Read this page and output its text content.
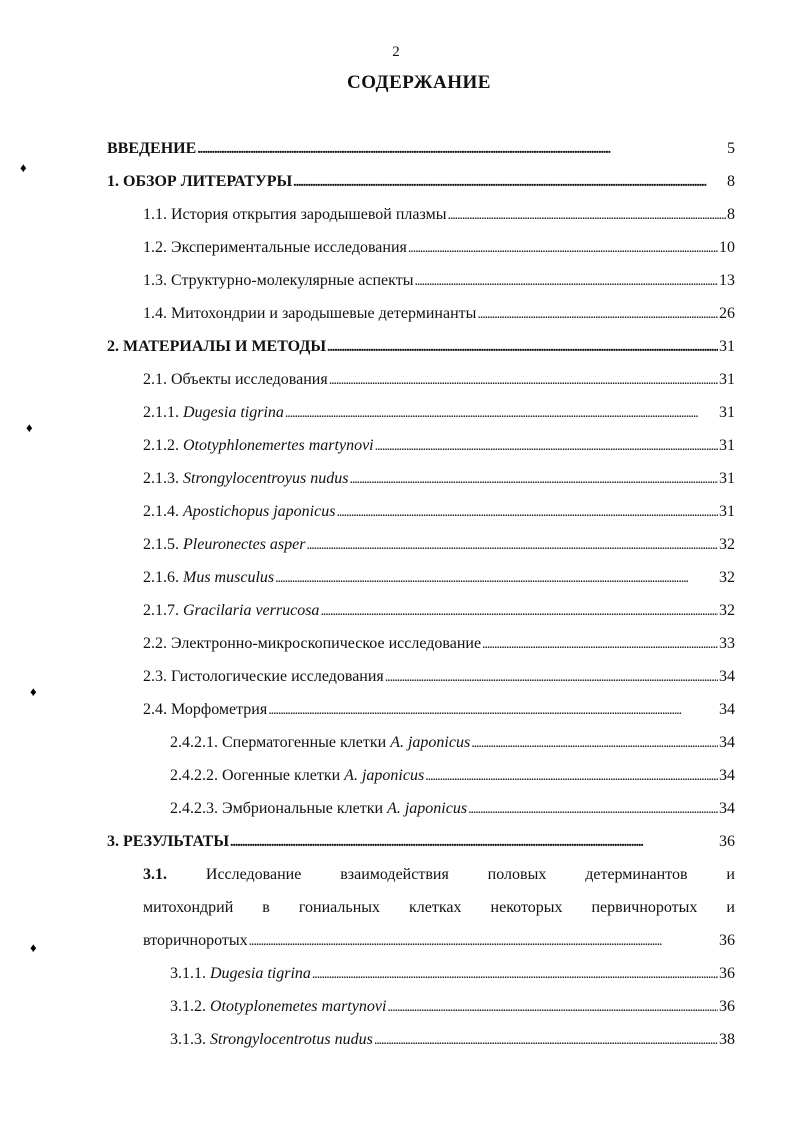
2
СОДЕРЖАНИЕ
♦
♦
♦
♦
ВВЕДЕНИЕ . . .	5
1. ОБЗОР ЛИТЕРАТУРЫ . . .	8
1.1. История открытия зародышевой плазмы . . .	8
1.2. Экспериментальные исследования . . .	10
1.3. Структурно-молекулярные аспекты . . .	13
1.4. Митохондрии и зародышевые детерминанты . . .	26
2. МАТЕРИАЛЫ И МЕТОДЫ . . .	31
2.1. Объекты исследования . . .	31
2.1.1. Dugesia tigrina . . .	31
2.1.2. Ototyphlonemertes martynovi . . .	31
2.1.3. Strongylocentroyus nudus . . .	31
2.1.4. Apostichopus japonicus . . .	31
2.1.5. Pleuronectes asper . . .	32
2.1.6. Mus musculus . . .	32
2.1.7. Gracilaria verrucosa . . .	32
2.2. Электронно-микроскопическое исследование . . .	33
2.3. Гистологические исследования . . .	34
2.4. Морфометрия . . .	34
2.4.2.1. Сперматогенные клетки A. japonicus . . .	34
2.4.2.2. Оогенные клетки A. japonicus . . .	34
2.4.2.3. Эмбриональные клетки A. japonicus . . .	34
3. РЕЗУЛЬТАТЫ . . .	36
3.1. Исследование взаимодействия половых детерминантов и
митохондрий в гониальных клетках некоторых первичноротых и
вторичноротых . . .	36
3.1.1. Dugesia tigrina . . .	36
3.1.2. Ototyplonemetes martynovi . . .	36
3.1.3. Strongylocentrotus nudus . . .	38
